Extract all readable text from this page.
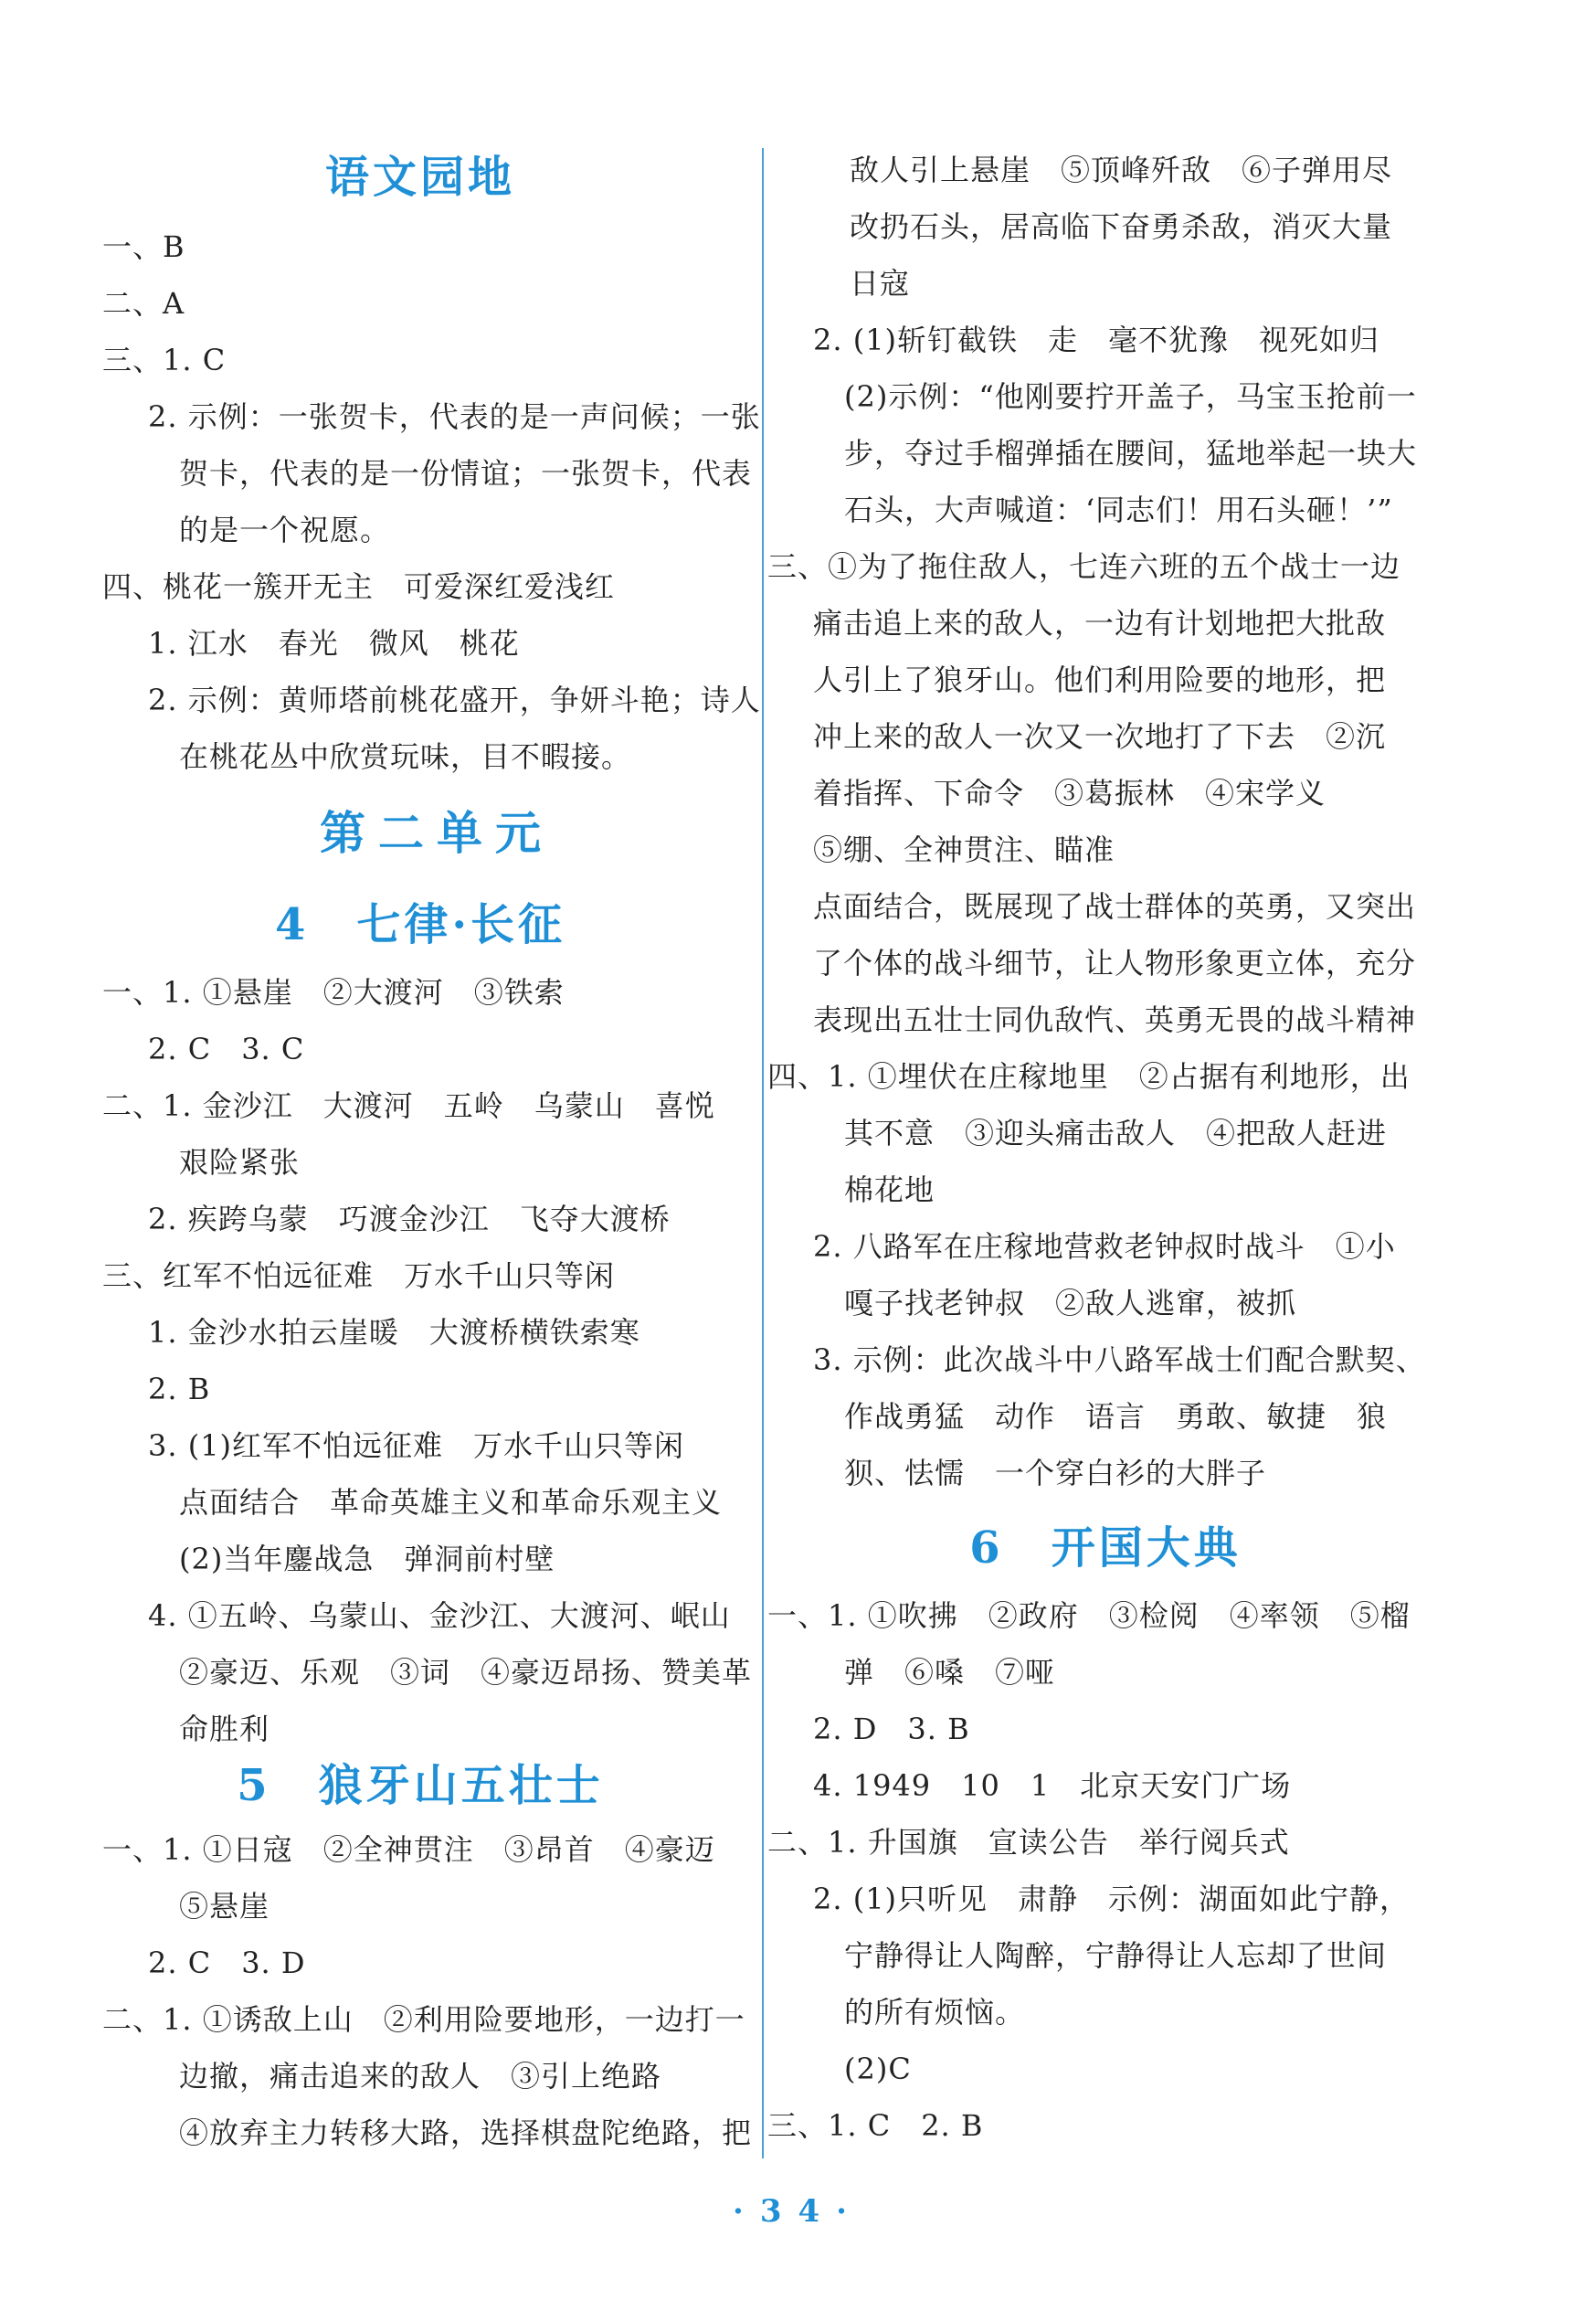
语文园地
一、B
二、A
三、1. C
2. 示例：一张贺卡，代表的是一声问候；一张
贺卡，代表的是一份情谊；一张贺卡，代表
的是一个祝愿。
四、桃花一簇开无主　可爱深红爱浅红
1. 江水　春光　微风　桃花
2. 示例：黄师塔前桃花盛开，争妍斗艳；诗人
在桃花丛中欣赏玩味，目不暇接。
第二单元
4　七律·长征
一、1. ①悬崖　②大渡河　③铁索
2. C　3. C
二、1. 金沙江　大渡河　五岭　乌蒙山　喜悦
艰险紧张
2. 疾跨乌蒙　巧渡金沙江　飞夺大渡桥
三、红军不怕远征难　万水千山只等闲
1. 金沙水拍云崖暖　大渡桥横铁索寒
2. B
3. (1)红军不怕远征难　万水千山只等闲
点面结合　革命英雄主义和革命乐观主义
(2)当年鏖战急　弹洞前村壁
4. ①五岭、乌蒙山、金沙江、大渡河、岷山
②豪迈、乐观　③词　④豪迈昂扬、赞美革
命胜利
5　狼牙山五壮士
一、1. ①日寇　②全神贯注　③昂首　④豪迈
⑤悬崖
2. C　3. D
二、1. ①诱敌上山　②利用险要地形，一边打一
边撤，痛击追来的敌人　③引上绝路
④放弃主力转移大路，选择棋盘陀绝路，把
敌人引上悬崖　⑤顶峰歼敌　⑥子弹用尽
改扔石头，居高临下奋勇杀敌，消灭大量
日寇
2. (1)斩钉截铁　走　毫不犹豫　视死如归
(2)示例：“他刚要拧开盖子，马宝玉抢前一
步，夺过手榴弹插在腰间，猛地举起一块大
石头，大声喊道：‘同志们！用石头砸！’”
三、①为了拖住敌人，七连六班的五个战士一边
痛击追上来的敌人，一边有计划地把大批敌
人引上了狼牙山。他们利用险要的地形，把
冲上来的敌人一次又一次地打了下去　②沉
着指挥、下命令　③葛振林　④宋学义
⑤绷、全神贯注、瞄准
点面结合，既展现了战士群体的英勇，又突出
了个体的战斗细节，让人物形象更立体，充分
表现出五壮士同仇敌忾、英勇无畏的战斗精神
四、1. ①埋伏在庄稼地里　②占据有利地形，出
其不意　③迎头痛击敌人　④把敌人赶进
棉花地
2. 八路军在庄稼地营救老钟叔时战斗　①小
嘎子找老钟叔　②敌人逃窜，被抓
3. 示例：此次战斗中八路军战士们配合默契、
作战勇猛　动作　语言　勇敢、敏捷　狼
狈、怯懦　一个穿白衫的大胖子
6　开国大典
一、1. ①吹拂　②政府　③检阅　④率领　⑤榴
弹　⑥嗓　⑦哑
2. D　3. B
4. 1949　10　1　北京天安门广场
二、1. 升国旗　宣读公告　举行阅兵式
2. (1)只听见　肃静　示例：湖面如此宁静，
宁静得让人陶醉，宁静得让人忘却了世间
的所有烦恼。
(2)C
三、1. C　2. B
·34·
